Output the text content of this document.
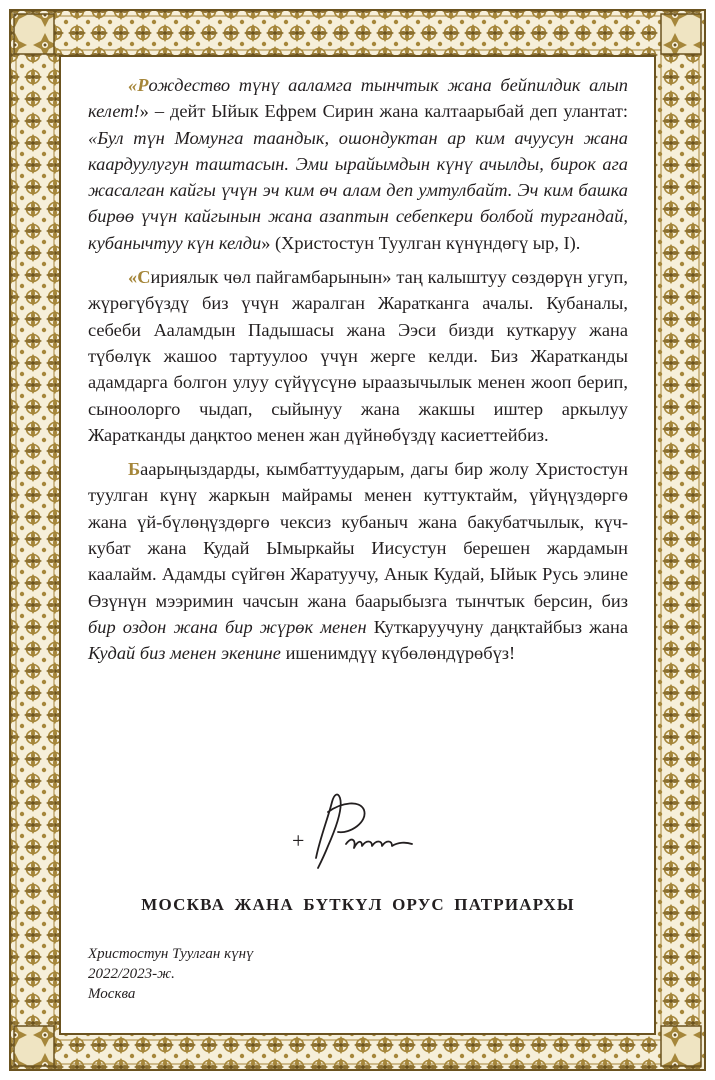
«Рождество түнү ааламга тынчтык жана бейпилдик алып келет!» – дейт Ыйык Ефрем Сирин жана калтаарыбай деп улантат: «Бул түн Момунга таандык, ошондуктан ар ким ачуусун жана каардуулугун таштасын. Эми ырайымдын күнү ачылды, бирок ага жасалган кайгы үчүн эч ким өч алам деп умтулбайт. Эч ким башка бирөө үчүн кайгынын жана азаптын себепкери болбой тургандай, кубанычтуу күн келди» (Христостун Туулган күнүндөгү ыр, I).

«Сириялык чөл пайгамбарынын» таң калыштуу сөздөрүн угуп, жүрөгүбүздү биз үчүн жаралган Жаратканга ачалы. Кубаналы, себеби Ааламдын Падышасы жана Ээси бизди куткаруу жана түбөлүк жашоо тартуулоо үчүн жерге келди. Биз Жаратканды адамдарга болгон улуу сүйүүсүнө ыраазычылык менен жооп берип, сыноолорго чыдап, сыйынуу жана жакшы иштер аркылуу Жаратканды даңктоо менен жан дүйнөбүздү касиеттейбиз.

Баарыңыздарды, кымбаттуударым, дагы бир жолу Христостун туулган күнү жаркын майрамы менен куттуктайм, үйүңүздөргө жана үй-бүлөңүздөргө чексиз кубаныч жана бакубатчылык, күч-кубат жана Кудай Ымыркайы Иисустун берешен жардамын каалайм. Адамды сүйгөн Жаратуучу, Анык Кудай, Ыйык Русь элине Өзүнүн мээримин чачсын жана баарыбызга тынчтык берсин, биз бир оздон жана бир жүрөк менен Куткаруучуну даңктайбыз жана Кудай биз менен экенине ишенимдүү күбөлөндүрөбүз!

+
МОСКВА ЖАНА БҮТКҮЛ ОРУС ПАТРИАРХЫ
Христостун Туулган күнү
2022/2023-ж.
Москва
